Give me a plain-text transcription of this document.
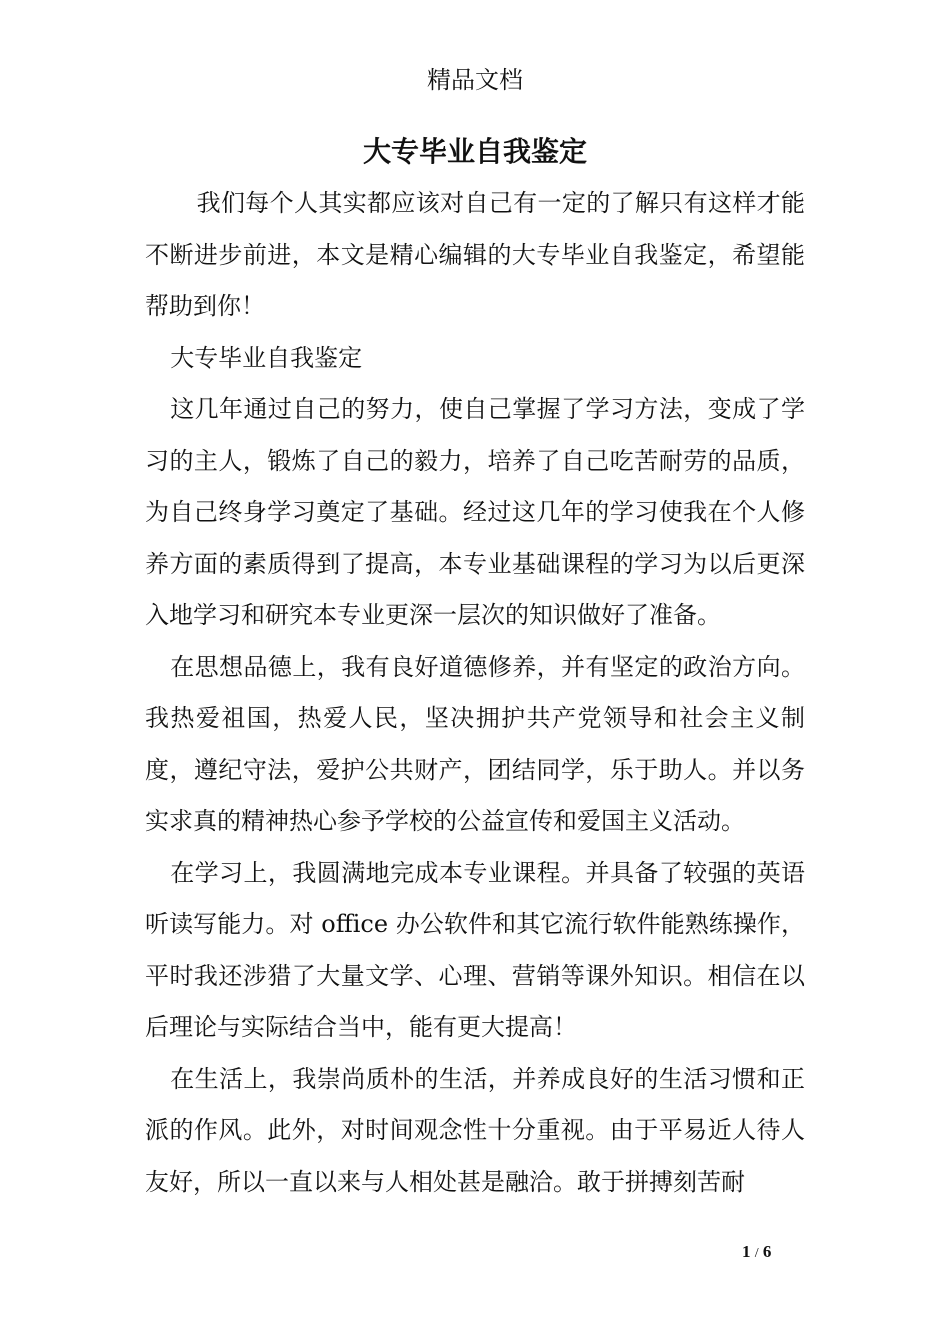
精品文档
大专毕业自我鉴定

我们每个人其实都应该对自己有一定的了解只有这样才能不断进步前进，本文是精心编辑的大专毕业自我鉴定，希望能帮助到你！

大专毕业自我鉴定

这几年通过自己的努力，使自己掌握了学习方法，变成了学习的主人，锻炼了自己的毅力，培养了自己吃苦耐劳的品质，为自己终身学习奠定了基础。经过这几年的学习使我在个人修养方面的素质得到了提高，本专业基础课程的学习为以后更深入地学习和研究本专业更深一层次的知识做好了准备。

在思想品德上，我有良好道德修养，并有坚定的政治方向。我热爱祖国，热爱人民，坚决拥护共产党领导和社会主义制度，遵纪守法，爱护公共财产，团结同学，乐于助人。并以务实求真的精神热心参予学校的公益宣传和爱国主义活动。

在学习上，我圆满地完成本专业课程。并具备了较强的英语听读写能力。对 office 办公软件和其它流行软件能熟练操作，平时我还涉猎了大量文学、心理、营销等课外知识。相信在以后理论与实际结合当中，能有更大提高！

在生活上，我崇尚质朴的生活，并养成良好的生活习惯和正派的作风。此外，对时间观念性十分重视。由于平易近人待人友好，所以一直以来与人相处甚是融洽。敢于拼搏刻苦耐

1 / 6
